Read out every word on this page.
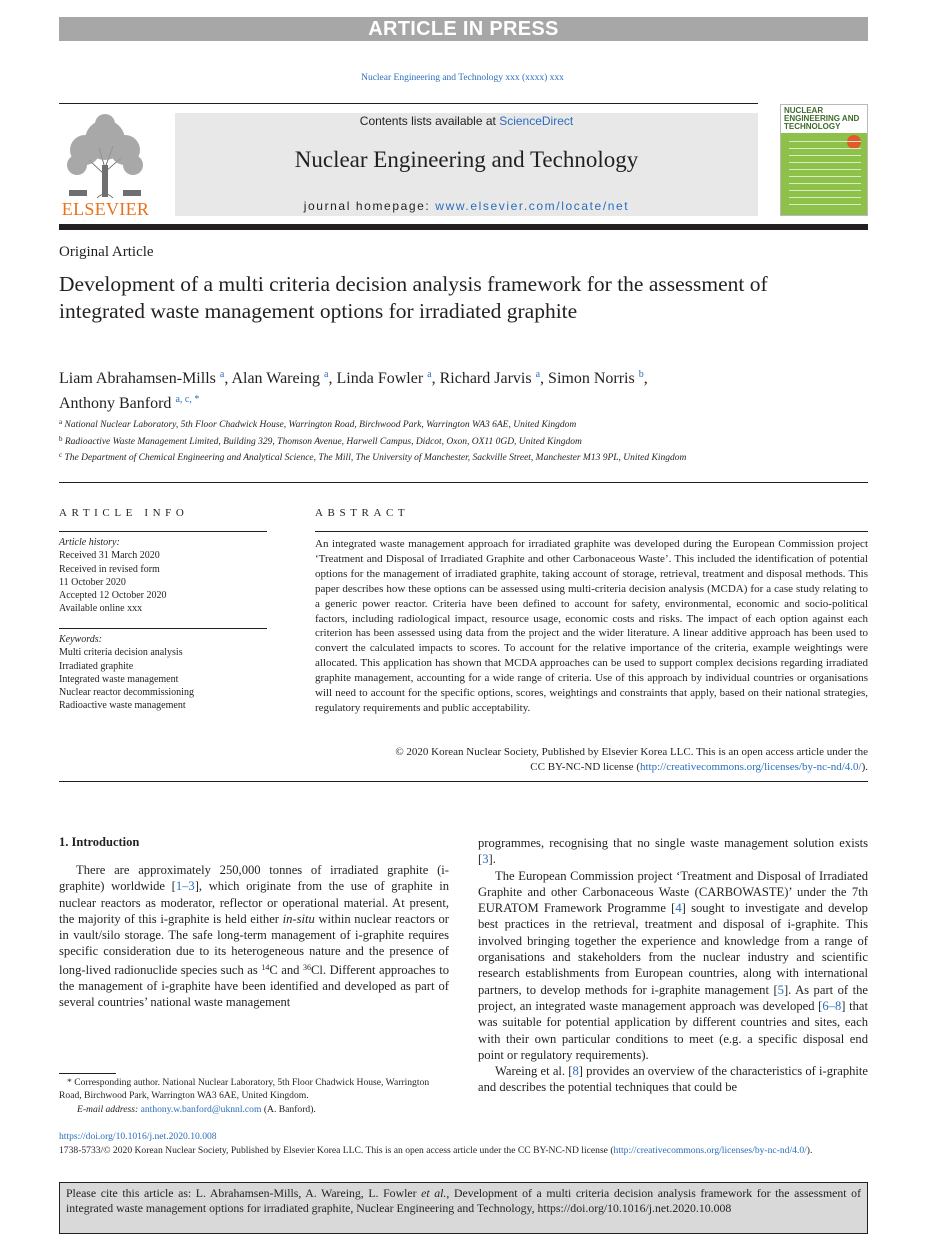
ARTICLE IN PRESS
Nuclear Engineering and Technology xxx (xxxx) xxx
ELSEVIER
Contents lists available at ScienceDirect
Nuclear Engineering and Technology
journal homepage: www.elsevier.com/locate/net
NUCLEAR ENGINEERING AND TECHNOLOGY
Original Article
Development of a multi criteria decision analysis framework for the assessment of integrated waste management options for irradiated graphite
Liam Abrahamsen-Mills $^a$, Alan Wareing $^a$, Linda Fowler $^a$, Richard Jarvis $^a$, Simon Norris $^b$,
Anthony Banford $^{a, c, *}$
$^a$ National Nuclear Laboratory, 5th Floor Chadwick House, Warrington Road, Birchwood Park, Warrington WA3 6AE, United Kingdom
$^b$ Radioactive Waste Management Limited, Building 329, Thomson Avenue, Harwell Campus, Didcot, Oxon, OX11 0GD, United Kingdom
$^c$ The Department of Chemical Engineering and Analytical Science, The Mill, The University of Manchester, Sackville Street, Manchester M13 9PL, United Kingdom
ARTICLE INFO	ABSTRACT
Article history:
Received 31 March 2020
Received in revised form
11 October 2020
Accepted 12 October 2020
Available online xxx
Keywords:
Multi criteria decision analysis
Irradiated graphite
Integrated waste management
Nuclear reactor decommissioning
Radioactive waste management
An integrated waste management approach for irradiated graphite was developed during the European Commission project ‘Treatment and Disposal of Irradiated Graphite and other Carbonaceous Waste’. This included the identification of potential options for the management of irradiated graphite, taking account of storage, retrieval, treatment and disposal methods. This paper describes how these options can be assessed using multi-criteria decision analysis (MCDA) for a case study relating to a generic power reactor. Criteria have been defined to account for safety, environmental, economic and socio-political factors, including radiological impact, resource usage, economic costs and risks. The impact of each option against each criterion has been assessed using data from the project and the wider literature. A linear additive approach has been used to convert the calculated impacts to scores. To account for the relative importance of the criteria, example weightings were allocated. This application has shown that MCDA approaches can be used to support complex decisions regarding irradiated graphite management, accounting for a wide range of criteria. Use of this approach by individual countries or organisations will need to account for the specific options, scores, weightings and constraints that apply, based on their national strategies, regulatory requirements and public acceptability.
© 2020 Korean Nuclear Society, Published by Elsevier Korea LLC. This is an open access article under the
CC BY-NC-ND license (http://creativecommons.org/licenses/by-nc-nd/4.0/).
1. Introduction

There are approximately 250,000 tonnes of irradiated graphite (i-graphite) worldwide [1–3], which originate from the use of graphite in nuclear reactors as moderator, reflector or operational material. At present, the majority of this i-graphite is held either in-situ within nuclear reactors or in vault/silo storage. The safe long-term management of i-graphite requires specific consideration due to its heterogeneous nature and the presence of long-lived radionuclide species such as $^{14}$C and $^{36}$Cl. Different approaches to the management of i-graphite have been identified and developed as part of several countries’ national waste management

programmes, recognising that no single waste management solution exists [3].

The European Commission project ‘Treatment and Disposal of Irradiated Graphite and other Carbonaceous Waste (CARBOWASTE)’ under the 7th EURATOM Framework Programme [4] sought to investigate and develop best practices in the retrieval, treatment and disposal of i-graphite. This involved bringing together the experience and knowledge from a range of organisations and stakeholders from the nuclear industry and scientific research establishments from European countries, along with international partners, to develop methods for i-graphite management [5]. As part of the project, an integrated waste management approach was developed [6–8] that was suitable for potential application by different countries and sites, each with their own particular conditions to meet (e.g. a specific disposal end point or regulatory requirements).

Wareing et al. [8] provides an overview of the characteristics of i-graphite and describes the potential techniques that could be

* Corresponding author. National Nuclear Laboratory, 5th Floor Chadwick House, Warrington Road, Birchwood Park, Warrington WA3 6AE, United Kingdom.
E-mail address: anthony.w.banford@uknnl.com (A. Banford).
https://doi.org/10.1016/j.net.2020.10.008
1738-5733/© 2020 Korean Nuclear Society, Published by Elsevier Korea LLC. This is an open access article under the CC BY-NC-ND license (http://creativecommons.org/licenses/by-nc-nd/4.0/).
Please cite this article as: L. Abrahamsen-Mills, A. Wareing, L. Fowler et al., Development of a multi criteria decision analysis framework for the assessment of integrated waste management options for irradiated graphite, Nuclear Engineering and Technology, https://doi.org/10.1016/j.net.2020.10.008
